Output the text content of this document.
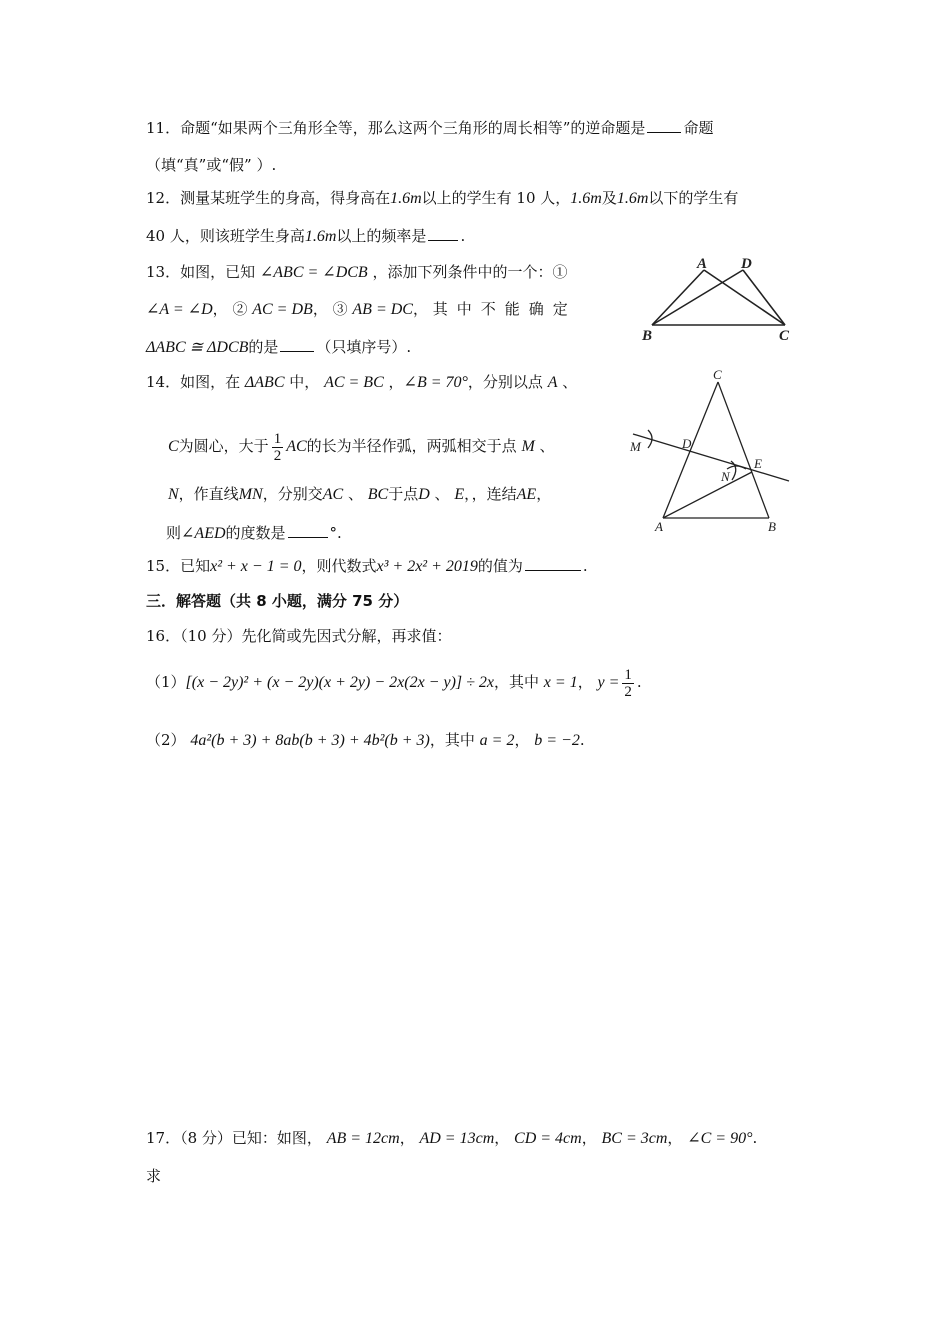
11．命题“如果两个三角形全等，那么这两个三角形的周长相等”的逆命题是	命题
（填“真”或“假” ）.
12．测量某班学生的身高，得身高在1.6m以上的学生有 10 人，1.6m及1.6m以下的学生有
40 人，则该班学生身高1.6m以上的频率是 .
13．如图，已知 ∠ABC = ∠DCB ，添加下列条件中的一个：①
∠A = ∠D， ② AC = DB， ③ AB = DC， 其中不能确定
ΔABC ≅ ΔDCB的是	（只填序号）.
A D
B	C
14．如图，在 ΔABC 中， AC = BC ，∠B = 70°，分别以点 A 、
C为圆心，大于 $\frac{1}{2}$ AC的长为半径作弧，两弧相交于点 M 、
N，作直线MN，分别交AC 、 BC于点D 、 E，，连结AE，
则∠AED的度数是	°.
C
D
M
E
N
A	B
15．已知x² + x − 1 = 0，则代数式x³ + 2x² + 2019的值为	.
三．解答题（共 8 小题，满分 75 分）
16．（10 分）先化简或先因式分解，再求值：
（1）[(x − 2y)² + (x − 2y)(x + 2y) − 2x(2x − y)] ÷ 2x，其中 x = 1， $y = \frac{1}{2}$ .
（2） 4a²(b + 3) + 8ab(b + 3) + 4b²(b + 3)，其中 a = 2， b = −2.
17．（8 分）已知：如图， AB = 12cm， AD = 13cm， CD = 4cm， BC = 3cm， ∠C = 90°.
求
